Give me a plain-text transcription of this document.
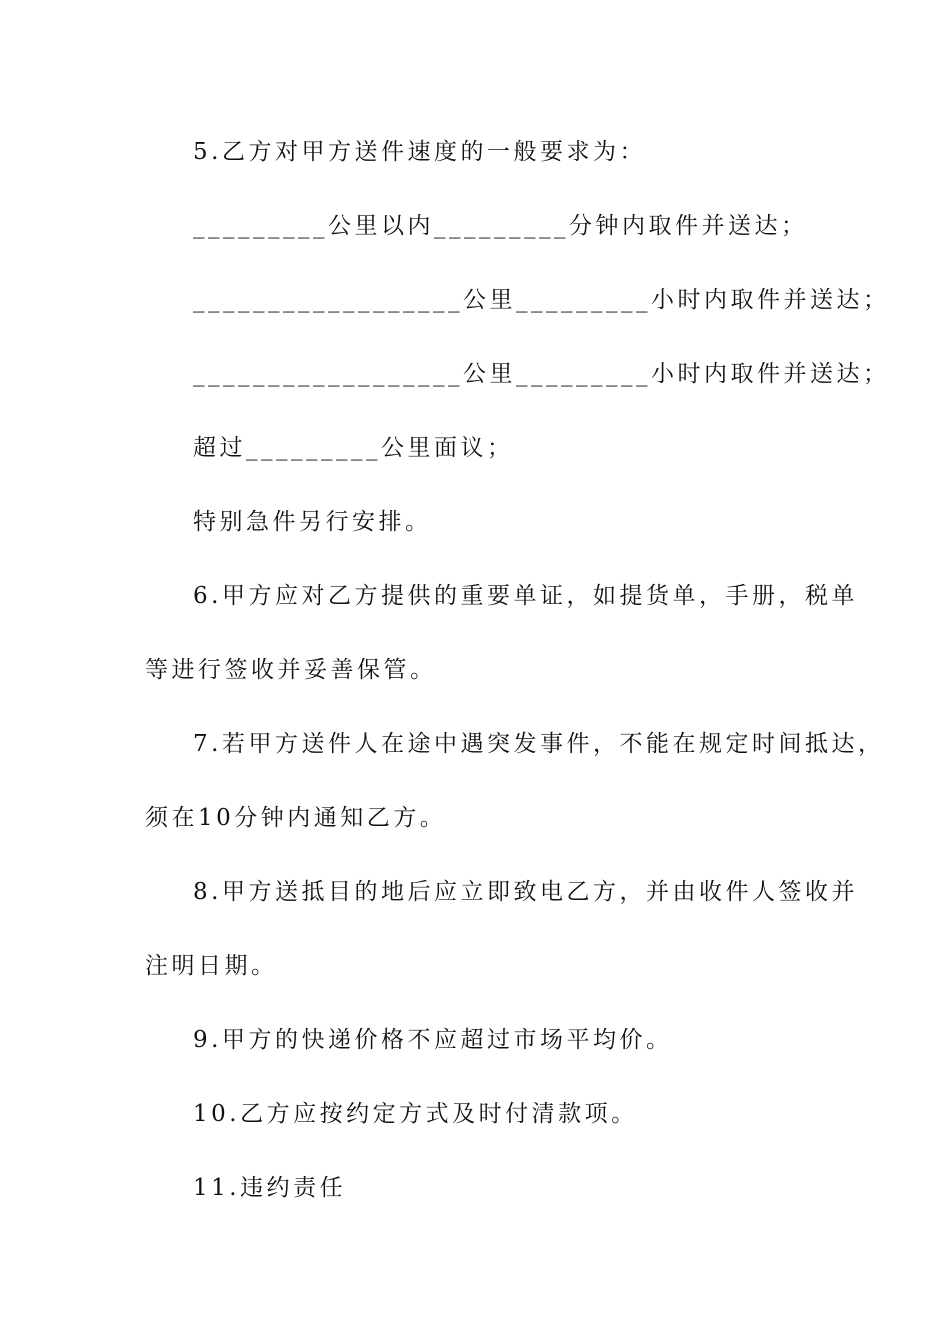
5.乙方对甲方送件速度的一般要求为：
_________公里以内_________分钟内取件并送达；
__________________公里_________小时内取件并送达；
__________________公里_________小时内取件并送达；
超过_________公里面议；
特别急件另行安排。
6.甲方应对乙方提供的重要单证，如提货单，手册，税单
等进行签收并妥善保管。
7.若甲方送件人在途中遇突发事件，不能在规定时间抵达，
须在10分钟内通知乙方。
8.甲方送抵目的地后应立即致电乙方，并由收件人签收并
注明日期。
9.甲方的快递价格不应超过市场平均价。
10.乙方应按约定方式及时付清款项。
11.违约责任
